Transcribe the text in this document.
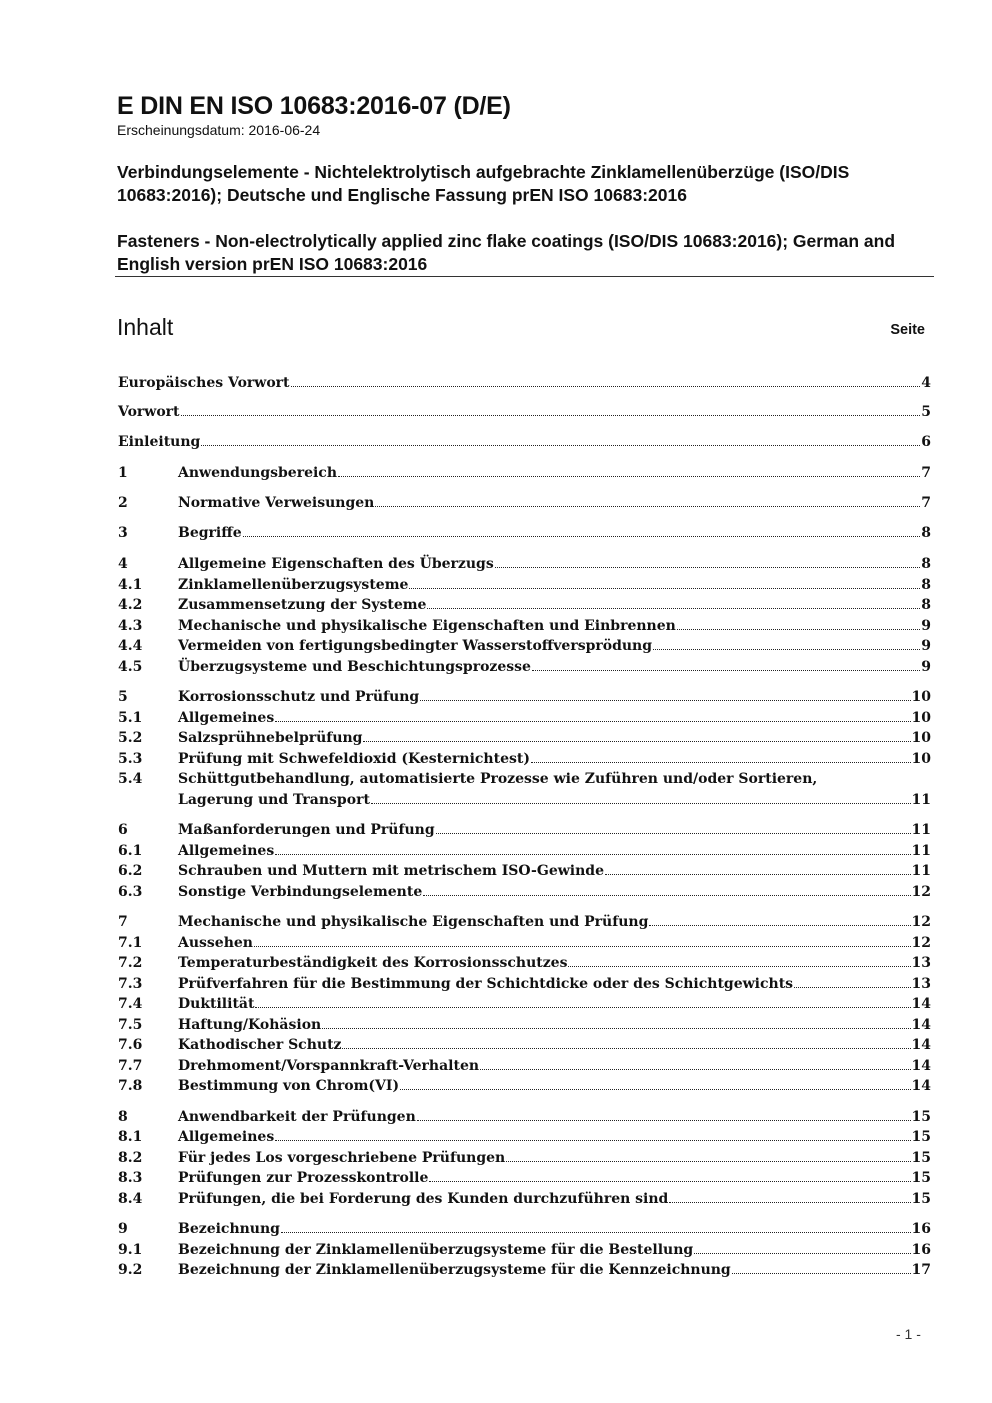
E DIN EN ISO 10683:2016-07 (D/E)
Erscheinungsdatum: 2016-06-24
Verbindungselemente - Nichtelektrolytisch aufgebrachte Zinklamellenüberzüge (ISO/DIS 10683:2016); Deutsche und Englische Fassung prEN ISO 10683:2016
Fasteners - Non-electrolytically applied zinc flake coatings (ISO/DIS 10683:2016); German and English version prEN ISO 10683:2016
Inhalt	Seite
Europäisches Vorwort	4
Vorwort	5
Einleitung	6
1	Anwendungsbereich	7
2	Normative Verweisungen	7
3	Begriffe	8
4	Allgemeine Eigenschaften des Überzugs	8
4.1	Zinklamellenüberzugsysteme	8
4.2	Zusammensetzung der Systeme	8
4.3	Mechanische und physikalische Eigenschaften und Einbrennen	9
4.4	Vermeiden von fertigungsbedingter Wasserstoffversprödung	9
4.5	Überzugsysteme und Beschichtungsprozesse	9
5	Korrosionsschutz und Prüfung	10
5.1	Allgemeines	10
5.2	Salzsprühnebelprüfung	10
5.3	Prüfung mit Schwefeldioxid (Kesternichtest)	10
5.4	Schüttgutbehandlung, automatisierte Prozesse wie Zuführen und/oder Sortieren,
Lagerung und Transport	11
6	Maßanforderungen und Prüfung	11
6.1	Allgemeines	11
6.2	Schrauben und Muttern mit metrischem ISO-Gewinde	11
6.3	Sonstige Verbindungselemente	12
7	Mechanische und physikalische Eigenschaften und Prüfung	12
7.1	Aussehen	12
7.2	Temperaturbeständigkeit des Korrosionsschutzes	13
7.3	Prüfverfahren für die Bestimmung der Schichtdicke oder des Schichtgewichts	13
7.4	Duktilität	14
7.5	Haftung/Kohäsion	14
7.6	Kathodischer Schutz	14
7.7	Drehmoment/Vorspannkraft-Verhalten	14
7.8	Bestimmung von Chrom(VI)	14
8	Anwendbarkeit der Prüfungen	15
8.1	Allgemeines	15
8.2	Für jedes Los vorgeschriebene Prüfungen	15
8.3	Prüfungen zur Prozesskontrolle	15
8.4	Prüfungen, die bei Forderung des Kunden durchzuführen sind	15
9	Bezeichnung	16
9.1	Bezeichnung der Zinklamellenüberzugsysteme für die Bestellung	16
9.2	Bezeichnung der Zinklamellenüberzugsysteme für die Kennzeichnung	17
- 1 -
